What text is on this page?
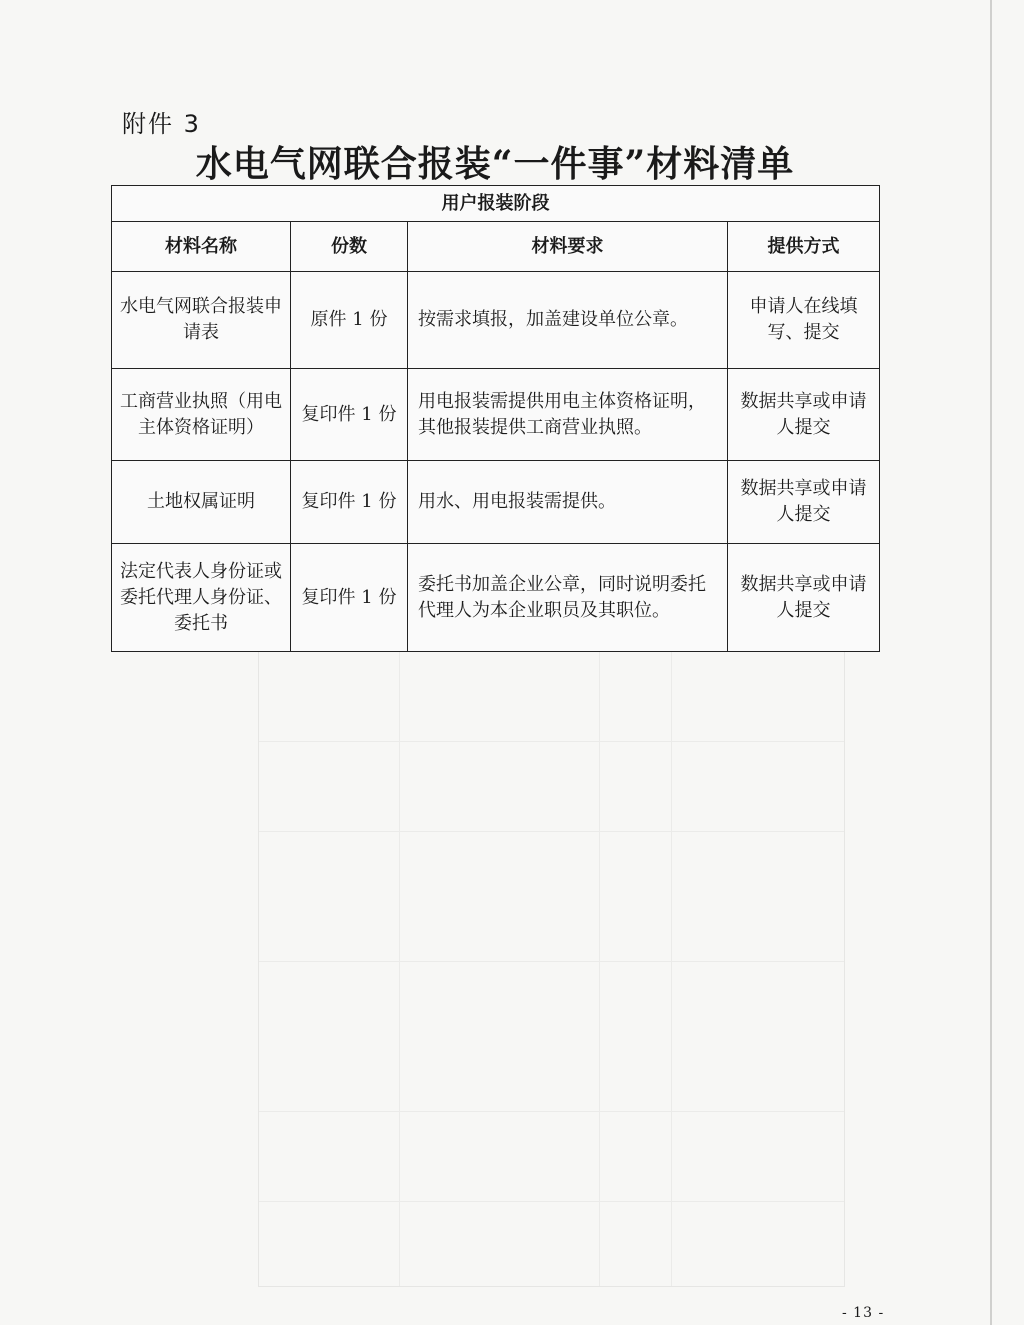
附件 3
水电气网联合报装“一件事”材料清单
用户报装阶段			
材料名称	份数	材料要求	提供方式
水电气网联合报装申请表	原件 1 份	按需求填报，加盖建设单位公章。	申请人在线填写、提交
工商营业执照（用电主体资格证明）	复印件 1 份	用电报装需提供用电主体资格证明，其他报装提供工商营业执照。	数据共享或申请人提交
土地权属证明	复印件 1 份	用水、用电报装需提供。	数据共享或申请人提交
法定代表人身份证或委托代理人身份证、委托书	复印件 1 份	委托书加盖企业公章，同时说明委托代理人为本企业职员及其职位。	数据共享或申请人提交
- 13 -
